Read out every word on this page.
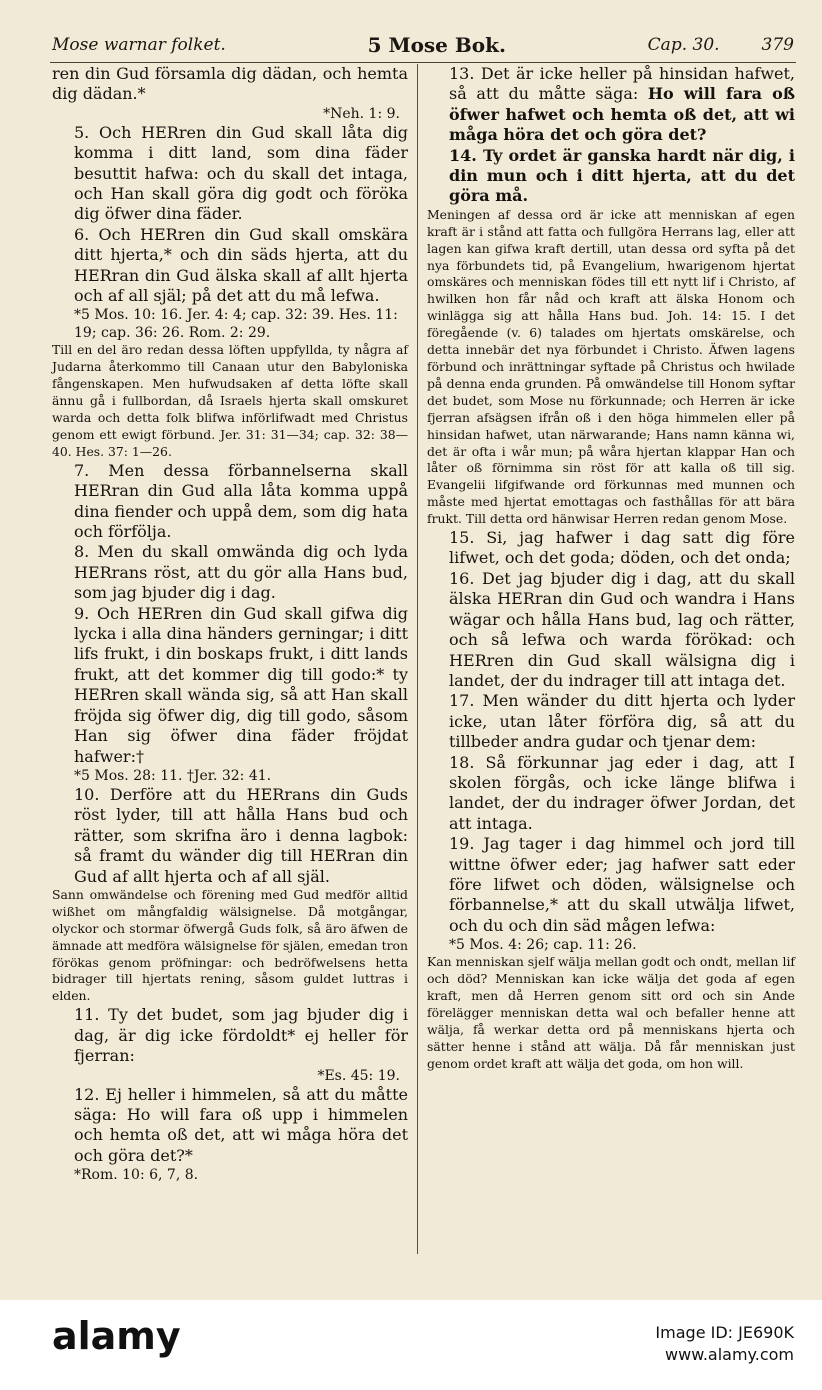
Mose warnar folket.	5 Mose Bok.	Cap. 30. 379

ren din Gud församla dig dädan, och hemta dig dädan.*

*Neh. 1: 9.

5. Och HERren din Gud skall låta dig komma i ditt land, som dina fäder besuttit hafwa: och du skall det intaga, och Han skall göra dig godt och föröka dig öfwer dina fäder.

6. Och HERren din Gud skall omskära ditt hjerta,* och din säds hjerta, att du HERran din Gud älska skall af allt hjerta och af all själ; på det att du må lefwa.

*5 Mos. 10: 16. Jer. 4: 4; cap. 32: 39. Hes. 11: 19; cap. 36: 26. Rom. 2: 29.

Till en del äro redan dessa löften uppfyllda, ty några af Judarna återkommo till Canaan utur den Babyloniska fångenskapen. Men hufwudsaken af detta löfte skall ännu gå i fullbordan, då Israels hjerta skall omskuret warda och detta folk blifwa införlifwadt med Christus genom ett ewigt förbund. Jer. 31: 31—34; cap. 32: 38—40. Hes. 37: 1—26.

7. Men dessa förbannelserna skall HERran din Gud alla låta komma uppå dina fiender och uppå dem, som dig hata och förfölja.

8. Men du skall omwända dig och lyda HERrans röst, att du gör alla Hans bud, som jag bjuder dig i dag.

9. Och HERren din Gud skall gifwa dig lycka i alla dina händers gerningar; i ditt lifs frukt, i din boskaps frukt, i ditt lands frukt, att det kommer dig till godo:* ty HERren skall wända sig, så att Han skall fröjda sig öfwer dig, dig till godo, såsom Han sig öfwer dina fäder fröjdat hafwer:†

*5 Mos. 28: 11. †Jer. 32: 41.

10. Derföre att du HERrans din Guds röst lyder, till att hålla Hans bud och rätter, som skrifna äro i denna lagbok: så framt du wänder dig till HERran din Gud af allt hjerta och af all själ.

Sann omwändelse och förening med Gud medför alltid wißhet om mångfaldig wälsignelse. Då motgångar, olyckor och stormar öfwergå Guds folk, så äro äfwen de ämnade att medföra wälsignelse för själen, emedan tron förökas genom pröfningar: och bedröfwelsens hetta bidrager till hjertats rening, såsom guldet luttras i elden.

11. Ty det budet, som jag bjuder dig i dag, är dig icke fördoldt* ej heller för fjerran:

*Es. 45: 19.

12. Ej heller i himmelen, så att du måtte säga: Ho will fara oß upp i himmelen och hemta oß det, att wi måga höra det och göra det?*

*Rom. 10: 6, 7, 8.

13. Det är icke heller på hinsidan hafwet, så att du måtte säga: Ho will fara oß öfwer hafwet och hemta oß det, att wi måga höra det och göra det?

14. Ty ordet är ganska hardt när dig, i din mun och i ditt hjerta, att du det göra må.

Meningen af dessa ord är icke att menniskan af egen kraft är i stånd att fatta och fullgöra Herrans lag, eller att lagen kan gifwa kraft dertill, utan dessa ord syfta på det nya förbundets tid, på Evangelium, hwarigenom hjertat omskäres och menniskan födes till ett nytt lif i Christo, af hwilken hon får nåd och kraft att älska Honom och winlägga sig att hålla Hans bud. Joh. 14: 15. I det föregående (v. 6) talades om hjertats omskärelse, och detta innebär det nya förbundet i Christo. Äfwen lagens förbund och inrättningar syftade på Christus och hwilade på denna enda grunden. På omwändelse till Honom syftar det budet, som Mose nu förkunnade; och Herren är icke fjerran afsägsen ifrån oß i den höga himmelen eller på hinsidan hafwet, utan närwarande; Hans namn känna wi, det är ofta i wår mun; på wåra hjertan klappar Han och låter oß förnimma sin röst för att kalla oß till sig. Evangelii lifgifwande ord förkunnas med munnen och måste med hjertat emottagas och fasthållas för att bära frukt. Till detta ord hänwisar Herren redan genom Mose.

15. Si, jag hafwer i dag satt dig före lifwet, och det goda; döden, och det onda;

16. Det jag bjuder dig i dag, att du skall älska HERran din Gud och wandra i Hans wägar och hålla Hans bud, lag och rätter, och så lefwa och warda förökad: och HERren din Gud skall wälsigna dig i landet, der du indrager till att intaga det.

17. Men wänder du ditt hjerta och lyder icke, utan låter förföra dig, så att du tillbeder andra gudar och tjenar dem:

18. Så förkunnar jag eder i dag, att I skolen förgås, och icke länge blifwa i landet, der du indrager öfwer Jordan, det att intaga.

19. Jag tager i dag himmel och jord till wittne öfwer eder; jag hafwer satt eder före lifwet och döden, wälsignelse och förbannelse,* att du skall utwälja lifwet, och du och din säd mågen lefwa:

*5 Mos. 4: 26; cap. 11: 26.

Kan menniskan sjelf wälja mellan godt och ondt, mellan lif och död? Menniskan kan icke wälja det goda af egen kraft, men då Herren genom sitt ord och sin Ande förelägger menniskan detta wal och befaller henne att wälja, få werkar detta ord på menniskans hjerta och sätter henne i stånd att wälja. Då får menniskan just genom ordet kraft att wälja det goda, om hon will.

alamy	Image ID: JE690K
www.alamy.com
